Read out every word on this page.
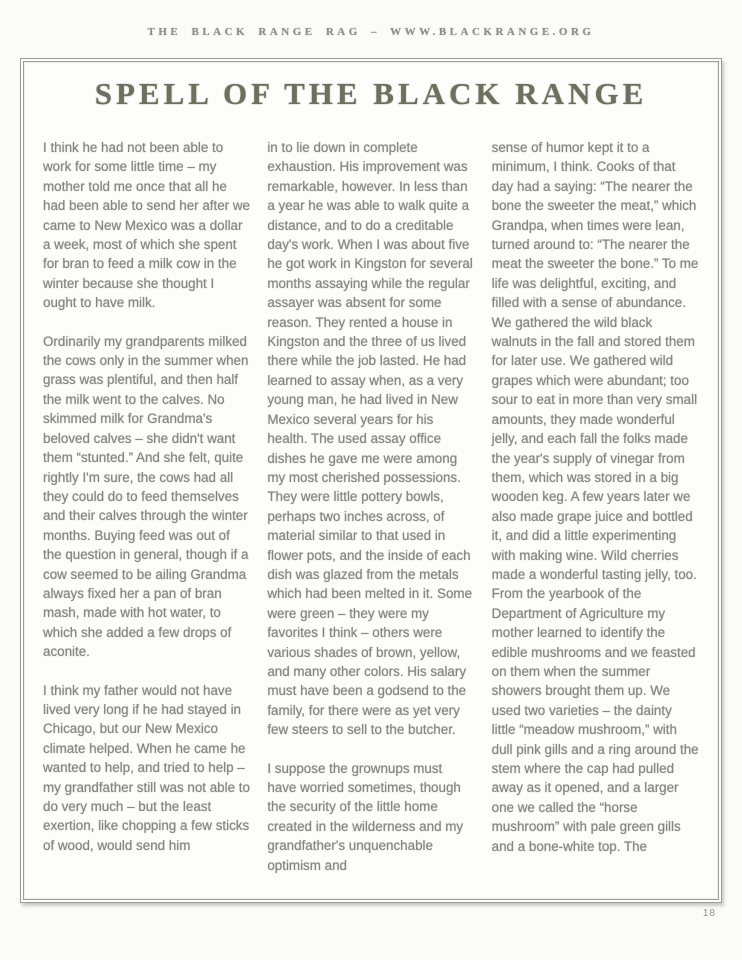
THE BLACK RANGE RAG – WWW.BLACKRANGE.ORG
SPELL OF THE BLACK RANGE

I think he had not been able to work for some little time – my mother told me once that all he had been able to send her after we came to New Mexico was a dollar a week, most of which she spent for bran to feed a milk cow in the winter because she thought I ought to have milk.

Ordinarily my grandparents milked the cows only in the summer when grass was plentiful, and then half the milk went to the calves. No skimmed milk for Grandma's beloved calves – she didn't want them “stunted.” And she felt, quite rightly I'm sure, the cows had all they could do to feed themselves and their calves through the winter months. Buying feed was out of the question in general, though if a cow seemed to be ailing Grandma always fixed her a pan of bran mash, made with hot water, to which she added a few drops of aconite.

I think my father would not have lived very long if he had stayed in Chicago, but our New Mexico climate helped. When he came he wanted to help, and tried to help – my grandfather still was not able to do very much – but the least exertion, like chopping a few sticks of wood, would send him

in to lie down in complete exhaustion. His improvement was remarkable, however. In less than a year he was able to walk quite a distance, and to do a creditable day's work. When I was about five he got work in Kingston for several months assaying while the regular assayer was absent for some reason. They rented a house in Kingston and the three of us lived there while the job lasted. He had learned to assay when, as a very young man, he had lived in New Mexico several years for his health. The used assay office dishes he gave me were among my most cherished possessions. They were little pottery bowls, perhaps two inches across, of material similar to that used in flower pots, and the inside of each dish was glazed from the metals which had been melted in it. Some were green – they were my favorites I think – others were various shades of brown, yellow, and many other colors. His salary must have been a godsend to the family, for there were as yet very few steers to sell to the butcher.

I suppose the grownups must have worried sometimes, though the security of the little home created in the wilderness and my grandfather's unquenchable optimism and

sense of humor kept it to a minimum, I think. Cooks of that day had a saying: “The nearer the bone the sweeter the meat,” which Grandpa, when times were lean, turned around to: “The nearer the meat the sweeter the bone.” To me life was delightful, exciting, and filled with a sense of abundance. We gathered the wild black walnuts in the fall and stored them for later use. We gathered wild grapes which were abundant; too sour to eat in more than very small amounts, they made wonderful jelly, and each fall the folks made the year's supply of vinegar from them, which was stored in a big wooden keg. A few years later we also made grape juice and bottled it, and did a little experimenting with making wine. Wild cherries made a wonderful tasting jelly, too. From the yearbook of the Department of Agriculture my mother learned to identify the edible mushrooms and we feasted on them when the summer showers brought them up. We used two varieties – the dainty little “meadow mushroom,” with dull pink gills and a ring around the stem where the cap had pulled away as it opened, and a larger one we called the “horse mushroom” with pale green gills and a bone-white top. The

18
